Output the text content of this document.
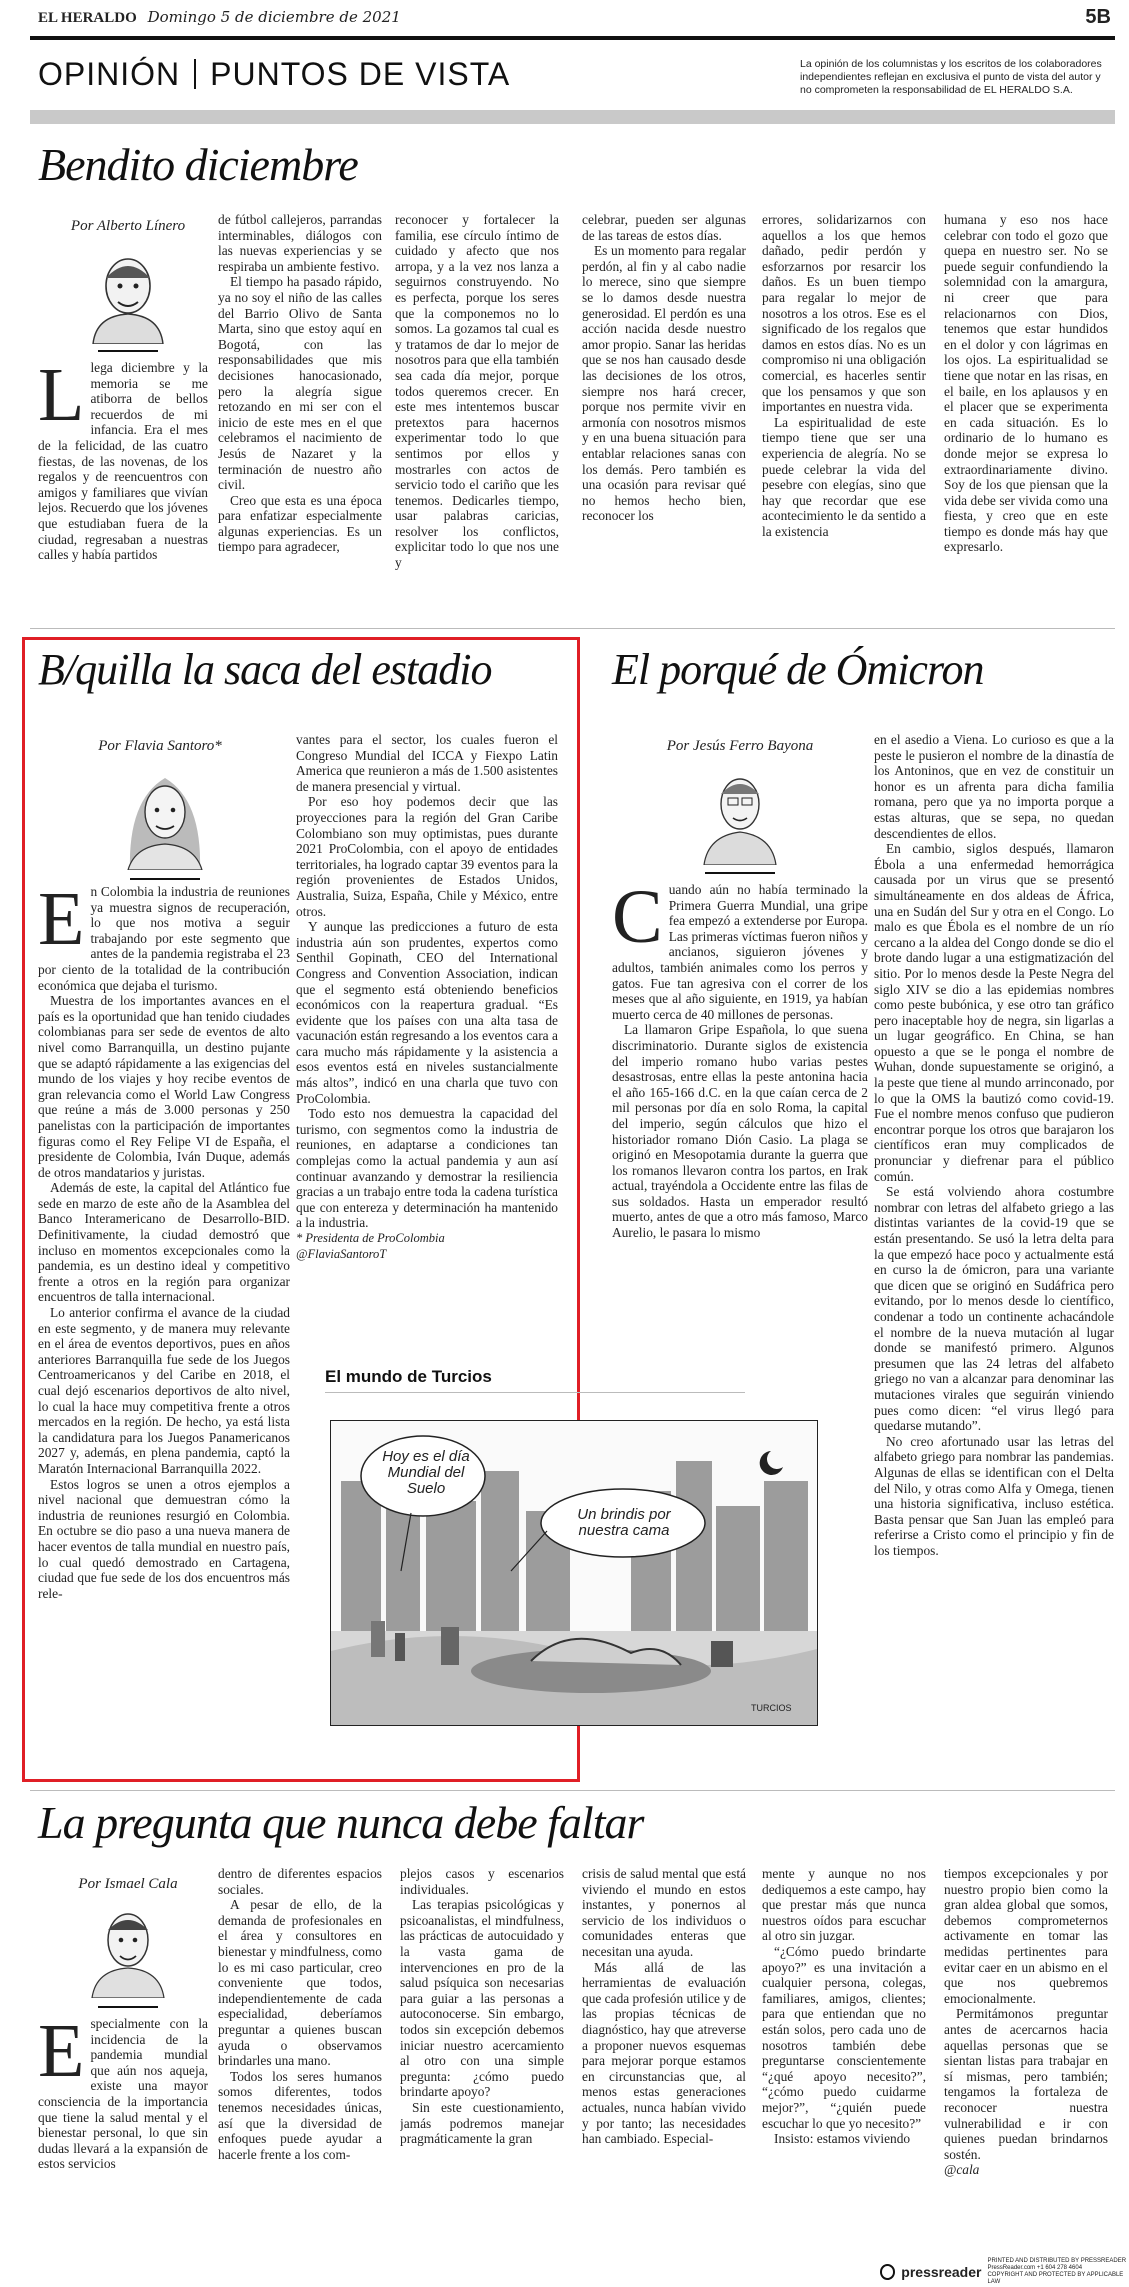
EL HERALDO Domingo 5 de diciembre de 2021	5B
OPINIÓN PUNTOS DE VISTA	La opinión de los columnistas y los escritos de los colaboradores independientes reflejan en exclusiva el punto de vista del autor y no comprometen la responsabilidad de EL HERALDO S.A.
Bendito diciembre
Por Alberto Línero
Llega diciembre y la memoria se me atiborra de bellos recuerdos de mi infancia. Era el mes de la felicidad, de las cuatro fiestas, de las novenas, de los regalos y de reencuentros con amigos y familiares que vivían lejos. Recuerdo que los jóvenes que estudiaban fuera de la ciudad, regresaban a nuestras calles y había partidos

de fútbol callejeros, parrandas interminables, diálogos con las nuevas experiencias y se respiraba un ambiente festivo.

El tiempo ha pasado rápido, ya no soy el niño de las calles del Barrio Olivo de Santa Marta, sino que estoy aquí en Bogotá, con las responsabilidades que mis decisiones hanocasionado, pero la alegría sigue retozando en mi ser con el inicio de este mes en el que celebramos el nacimiento de Jesús de Nazaret y la terminación de nuestro año civil.

Creo que esta es una época para enfatizar especialmente algunas experiencias. Es un tiempo para agradecer,

reconocer y fortalecer la familia, ese círculo íntimo de cuidado y afecto que nos arropa, y a la vez nos lanza a seguirnos construyendo. No es perfecta, porque los seres que la componemos no lo somos. La gozamos tal cual es y tratamos de dar lo mejor de nosotros para que ella también sea cada día mejor, porque todos queremos crecer. En este mes intentemos buscar pretextos para hacernos experimentar todo lo que sentimos por ellos y mostrarles con actos de servicio todo el cariño que les tenemos. Dedicarles tiempo, usar palabras caricias, resolver los conflictos, explicitar todo lo que nos une y

celebrar, pueden ser algunas de las tareas de estos días.

Es un momento para regalar perdón, al fin y al cabo nadie lo merece, sino que siempre se lo damos desde nuestra generosidad. El perdón es una acción nacida desde nuestro amor propio. Sanar las heridas que se nos han causado desde las decisiones de los otros, siempre nos hará crecer, porque nos permite vivir en armonía con nosotros mismos y en una buena situación para entablar relaciones sanas con los demás. Pero también es una ocasión para revisar qué no hemos hecho bien, reconocer los

errores, solidarizarnos con aquellos a los que hemos dañado, pedir perdón y esforzarnos por resarcir los daños. Es un buen tiempo para regalar lo mejor de nosotros a los otros. Ese es el significado de los regalos que damos en estos días. No es un compromiso ni una obligación comercial, es hacerles sentir que los pensamos y que son importantes en nuestra vida.

La espiritualidad de este tiempo tiene que ser una experiencia de alegría. No se puede celebrar la vida del pesebre con elegías, sino que hay que recordar que ese acontecimiento le da sentido a la existencia

humana y eso nos hace celebrar con todo el gozo que quepa en nuestro ser. No se puede seguir confundiendo la solemnidad con la amargura, ni creer que para relacionarnos con Dios, tenemos que estar hundidos en el dolor y con lágrimas en los ojos. La espiritualidad se tiene que notar en las risas, en el baile, en los aplausos y en el placer que se experimenta en cada situación. Es lo ordinario de lo humano es donde mejor se expresa lo extraordinariamente divino. Soy de los que piensan que la vida debe ser vivida como una fiesta, y creo que en este tiempo es donde más hay que expresarlo.

B/quilla la saca del estadio
Por Flavia Santoro*

En Colombia la industria de reuniones ya muestra signos de recuperación, lo que nos motiva a seguir trabajando por este segmento que antes de la pandemia registraba el 23 por ciento de la totalidad de la contribución económica que dejaba el turismo.

Muestra de los importantes avances en el país es la oportunidad que han tenido ciudades colombianas para ser sede de eventos de alto nivel como Barranquilla, un destino pujante que se adaptó rápidamente a las exigencias del mundo de los viajes y hoy recibe eventos de gran relevancia como el World Law Congress que reúne a más de 3.000 personas y 250 panelistas con la participación de importantes figuras como el Rey Felipe VI de España, el presidente de Colombia, Iván Duque, además de otros mandatarios y juristas.

Además de este, la capital del Atlántico fue sede en marzo de este año de la Asamblea del Banco Interamericano de Desarrollo-BID. Definitivamente, la ciudad demostró que incluso en momentos excepcionales como la pandemia, es un destino ideal y competitivo frente a otros en la región para organizar encuentros de talla internacional.

Lo anterior confirma el avance de la ciudad en este segmento, y de manera muy relevante en el área de eventos deportivos, pues en años anteriores Barranquilla fue sede de los Juegos Centroamericanos y del Caribe en 2018, el cual dejó escenarios deportivos de alto nivel, lo cual la hace muy competitiva frente a otros mercados en la región. De hecho, ya está lista la candidatura para los Juegos Panamericanos 2027 y, además, en plena pandemia, captó la Maratón Internacional Barranquilla 2022.

Estos logros se unen a otros ejemplos a nivel nacional que demuestran cómo la industria de reuniones resurgió en Colombia. En octubre se dio paso a una nueva manera de hacer eventos de talla mundial en nuestro país, lo cual quedó demostrado en Cartagena, ciudad que fue sede de los dos encuentros más rele-

vantes para el sector, los cuales fueron el Congreso Mundial del ICCA y Fiexpo Latin America que reunieron a más de 1.500 asistentes de manera presencial y virtual.

Por eso hoy podemos decir que las proyecciones para la región del Gran Caribe Colombiano son muy optimistas, pues durante 2021 ProColombia, con el apoyo de entidades territoriales, ha logrado captar 39 eventos para la región provenientes de Estados Unidos, Australia, Suiza, España, Chile y México, entre otros.

Y aunque las predicciones a futuro de esta industria aún son prudentes, expertos como Senthil Gopinath, CEO del International Congress and Convention Association, indican que el segmento está obteniendo beneficios económicos con la reapertura gradual. “Es evidente que los países con una alta tasa de vacunación están regresando a los eventos cara a cara mucho más rápidamente y la asistencia a esos eventos está en niveles sustancialmente más altos”, indicó en una charla que tuvo con ProColombia.

Todo esto nos demuestra la capacidad del turismo, con segmentos como la industria de reuniones, en adaptarse a condiciones tan complejas como la actual pandemia y aun así continuar avanzando y demostrar la resiliencia gracias a un trabajo entre toda la cadena turística que con entereza y determinación ha mantenido a la industria.

* Presidenta de ProColombia

@FlaviaSantoroT

El mundo de Turcios
Hoy es el día Mundial del Suelo
Un brindis por nuestra cama
TURCIOS
El porqué de Ómicron
Por Jesús Ferro Bayona

Cuando aún no había terminado la Primera Guerra Mundial, una gripe fea empezó a extenderse por Europa. Las primeras víctimas fueron niños y ancianos, siguieron jóvenes y adultos, también animales como los perros y gatos. Fue tan agresiva con el correr de los meses que al año siguiente, en 1919, ya habían muerto cerca de 40 millones de personas.

La llamaron Gripe Española, lo que suena discriminatorio. Durante siglos de existencia del imperio romano hubo varias pestes desastrosas, entre ellas la peste antonina hacia el año 165-166 d.C. en la que caían cerca de 2 mil personas por día en solo Roma, la capital del imperio, según cálculos que hizo el historiador romano Dión Casio. La plaga se originó en Mesopotamia durante la guerra que los romanos llevaron contra los partos, en Irak actual, trayéndola a Occidente entre las filas de sus soldados. Hasta un emperador resultó muerto, antes de que a otro más famoso, Marco Aurelio, le pasara lo mismo

en el asedio a Viena. Lo curioso es que a la peste le pusieron el nombre de la dinastía de los Antoninos, que en vez de constituir un honor es un afrenta para dicha familia romana, pero que ya no importa porque a estas alturas, que se sepa, no quedan descendientes de ellos.

En cambio, siglos después, llamaron Ébola a una enfermedad hemorrágica causada por un virus que se presentó simultáneamente en dos aldeas de África, una en Sudán del Sur y otra en el Congo. Lo malo es que Ébola es el nombre de un río cercano a la aldea del Congo donde se dio el brote dando lugar a una estigmatización del sitio. Por lo menos desde la Peste Negra del siglo XIV se dio a las epidemias nombres como peste bubónica, y ese otro tan gráfico pero inaceptable hoy de negra, sin ligarlas a un lugar geográfico. En China, se han opuesto a que se le ponga el nombre de Wuhan, donde supuestamente se originó, a la peste que tiene al mundo arrinconado, por lo que la OMS la bautizó como covid-19. Fue el nombre menos confuso que pudieron encontrar porque los otros que barajaron los científicos eran muy complicados de pronunciar y diefrenar para el público común.

Se está volviendo ahora costumbre nombrar con letras del alfabeto griego a las distintas variantes de la covid-19 que se están presentando. Se usó la letra delta para la que empezó hace poco y actualmente está en curso la de ómicron, para una variante que dicen que se originó en Sudáfrica pero evitando, por lo menos desde lo científico, condenar a todo un continente achacándole el nombre de la nueva mutación al lugar donde se manifestó primero. Algunos presumen que las 24 letras del alfabeto griego no van a alcanzar para denominar las mutaciones virales que seguirán viniendo pues como dicen: “el virus llegó para quedarse mutando”.

No creo afortunado usar las letras del alfabeto griego para nombrar las pandemias. Algunas de ellas se identifican con el Delta del Nilo, y otras como Alfa y Omega, tienen una historia significativa, incluso estética. Basta pensar que San Juan las empleó para referirse a Cristo como el principio y fin de los tiempos.

La pregunta que nunca debe faltar
Por Ismael Cala
Especialmente con la incidencia de la pandemia mundial que aún nos aqueja, existe una mayor consciencia de la importancia que tiene la salud mental y el bienestar personal, lo que sin dudas llevará a la expansión de estos servicios

dentro de diferentes espacios sociales.

A pesar de ello, de la demanda de profesionales en el área y consultores en bienestar y mindfulness, como lo es mi caso particular, creo conveniente que todos, independientemente de cada especialidad, deberíamos preguntar a quienes buscan ayuda o observamos brindarles una mano.

Todos los seres humanos somos diferentes, todos tenemos necesidades únicas, así que la diversidad de enfoques puede ayudar a hacerle frente a los com-

plejos casos y escenarios individuales.

Las terapias psicológicas y psicoanalistas, el mindfulness, las prácticas de autocuidado y la vasta gama de intervenciones en pro de la salud psíquica son necesarias para guiar a las personas a autoconocerse. Sin embargo, todos sin excepción debemos iniciar nuestro acercamiento al otro con una simple pregunta: ¿cómo puedo brindarte apoyo?

Sin este cuestionamiento, jamás podremos manejar pragmáticamente la gran

crisis de salud mental que está viviendo el mundo en estos instantes, y ponernos al servicio de los individuos o comunidades enteras que necesitan una ayuda.

Más allá de las herramientas de evaluación que cada profesión utilice y de las propias técnicas de diagnóstico, hay que atreverse a proponer nuevos esquemas para mejorar porque estamos en circunstancias que, al menos estas generaciones actuales, nunca habían vivido y por tanto; las necesidades han cambiado. Especial-

mente y aunque no nos dediquemos a este campo, hay que prestar más que nunca nuestros oídos para escuchar al otro sin juzgar.

“¿Cómo puedo brindarte apoyo?” es una invitación a cualquier persona, colegas, familiares, amigos, clientes; para que entiendan que no están solos, pero cada uno de nosotros también debe preguntarse conscientemente “¿qué apoyo necesito?”, “¿cómo puedo cuidarme mejor?”, “¿quién puede escuchar lo que yo necesito?”

Insisto: estamos viviendo

tiempos excepcionales y por nuestro propio bien como la gran aldea global que somos, debemos comprometernos activamente en tomar las medidas pertinentes para evitar caer en un abismo en el que nos quebremos emocionalmente.

Permitámonos preguntar antes de acercarnos hacia aquellas personas que se sientan listas para trabajar en sí mismas, pero también; tengamos la fortaleza de reconocer nuestra vulnerabilidad e ir con quienes puedan brindarnos sostén.

@cala

pressreader
PRINTED AND DISTRIBUTED BY PRESSREADER
PressReader.com +1 604 278 4604
COPYRIGHT AND PROTECTED BY APPLICABLE LAW
